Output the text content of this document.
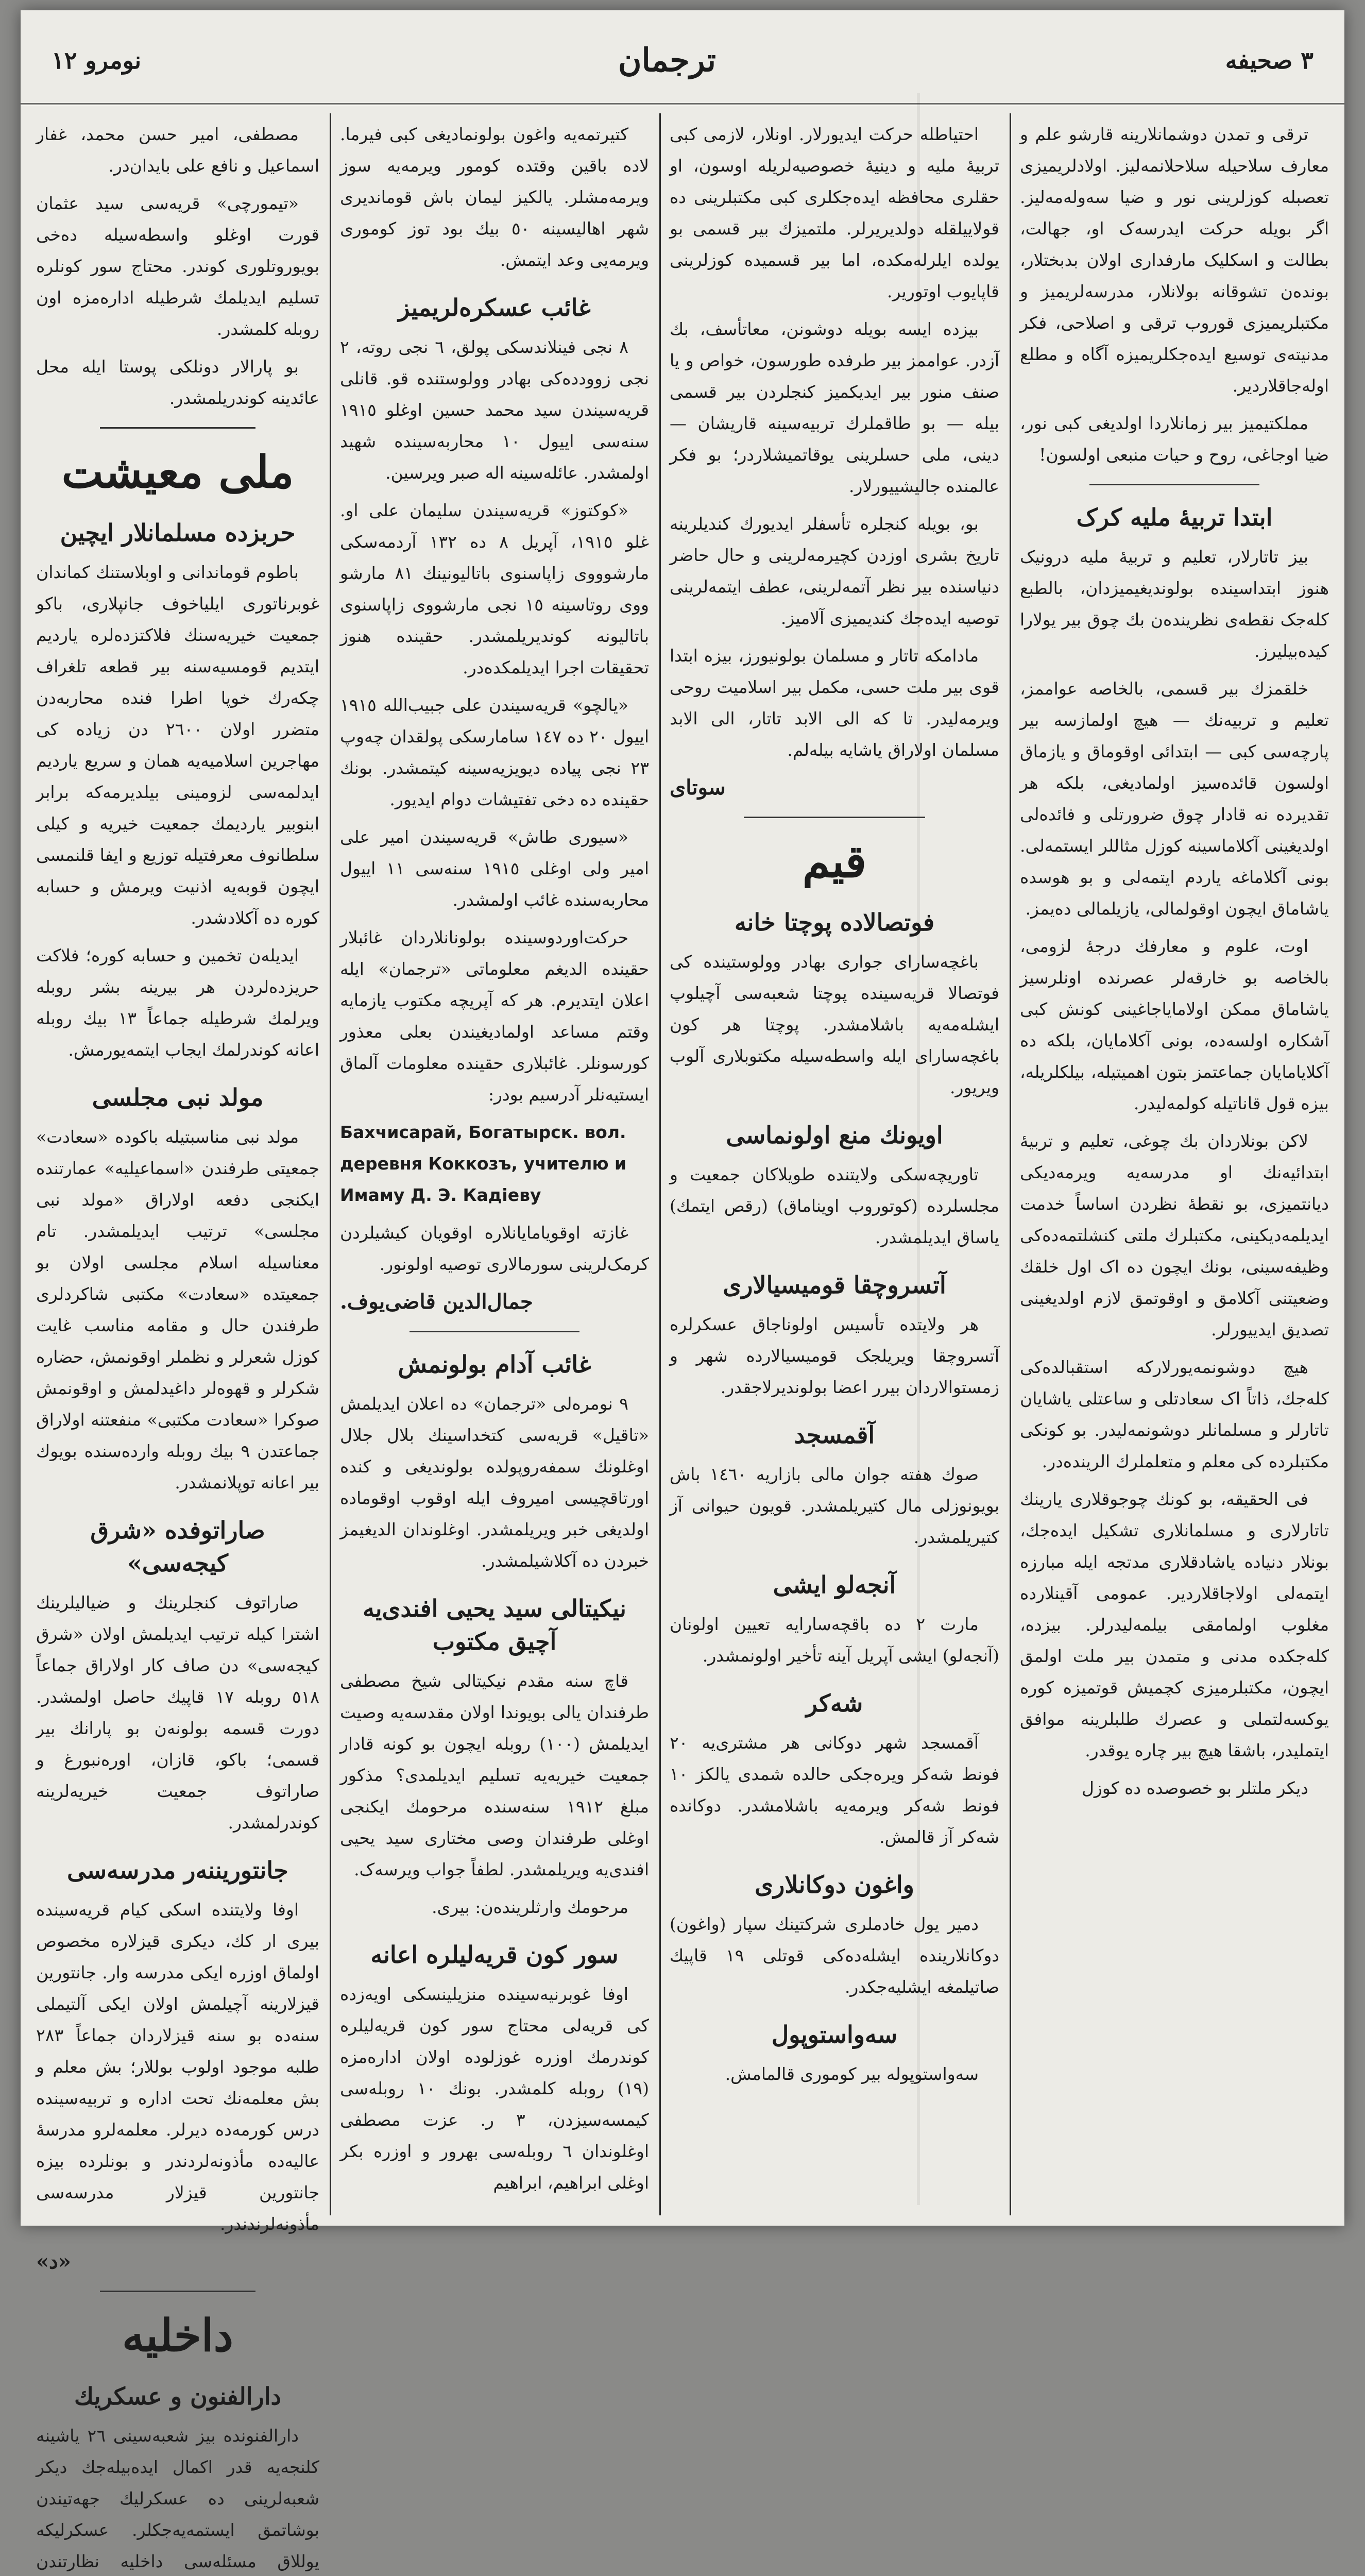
نومرو ١٢	ترجمان	٣ صحيفه

ترقی و تمدن دوشمانلارینه قارشو علم و معارف سلاحیله سلاحلانمه‌لیز. اولادلریمیزی تعصبله کوزلرینی نور و ضیا سه‌وله‌مه‌لیز. اگر بویله حرکت ایدرسه‌ک او، جهالت، بطالت و اسکلیک مارفداری اولان بدبختلار، بونده‌ن تشوقانه بولانلار، مدرسه‌لریمیز و مکتبلریمیزی قوروب ترقی و اصلاحی، فکر مدنیته‌ی توسیع ایده‌جکلریمیزه آگاه و مطلع اوله‌جاقلاردیر.

مملکتیمیز بیر زمانلاردا اولدیغی کبی نور، ضیا اوجاغی، روح و حیات منبعی اولسون!

ابتدا تربیهٔ ملیه کرک

بیز تاتارلار، تعلیم و تربیهٔ ملیه درونیک هنوز ابتداسینده بولوندیغیمیزدان، بالطبع کله‌جک نقطه‌ی نظرینده‌ن بك چوق بیر یولارا کیده‌بیلیرز.

خلقمزك بیر قسمی، بالخاصه عواممز، تعلیم و تربیه‌نك — هیچ اولمازسه بیر پارچه‌سی کبی — ابتدائی اوقوماق و یازماق اولسون قائده‌سیز اولمادیغی، بلکه هر تقدیرده نه قادار چوق ضرورتلی و فائده‌لی اولدیغینی آکلاماسینه کوزل مثاللر ایستمه‌لی. بونی آکلاماغه یاردم ایتمه‌لی و بو هوسده یاشاماق ایچون اوقولمالی، یازیلمالی ده‌یمز.

اوت، علوم و معارفك درجهٔ لزومی، بالخاصه بو خارقه‌لر عصرنده اونلرسیز یاشاماق ممکن اولامایاجاغینی کونش کبی آشکاره اولسه‌ده، بونی آکلامایان، بلکه ده آکلایامایان جماعتمز بتون اهمیتیله، بیلکلریله، بیزه قول قاناتیله کولمه‌لیدر.

لاکن بونلاردان بك چوغی، تعلیم و تربیهٔ ابتدائیه‌نك او مدرسه‌یه ویرمه‌دیکی دیانتمیزی، بو نقطهٔ نظردن اساساً خدمت ایدیلمه‌دیکینی، مکتبلرك ملتی کنشلتمه‌ده‌کی وظیفه‌سینی، بونك ایچون ده اک اول خلقك وضعیتنی آکلامق و اوقوتمق لازم اولدیغینی تصدیق ایدییورلر.

هیچ دوشونمه‌یورلارکه استقبالده‌کی کله‌جك، ذاتاً اک سعادتلی و ساعتلی یاشایان تاتارلر و مسلمانلر دوشونمه‌لیدر. بو کونکی مکتبلرده کی معلم و متعلملرك الرینده‌در.

فی الحقیقه، بو کونك چوجوقلاری یارینك تاتارلاری و مسلمانلاری تشکیل ایده‌جك، بونلار دنیاده یاشادقلاری مدتجه ایله مبارزه ایتمه‌لی اولاجاقلاردیر. عمومی آقینلارده مغلوب اولمامقی بیلمه‌لیدرلر. بیزده، کله‌جکده مدنی و متمدن بیر ملت اولمق ایچون، مکتبلرمیزی کچمیش قوتمیزه کوره یوکسه‌لتملی و عصرك طلبلرینه موافق ایتملیدر، باشقا هیچ بیر چاره یوقدر.

دیکر ملتلر بو خصوصده ده کوزل

احتیاطله حرکت ایدیورلار. اونلار، لازمی کبی تربیهٔ ملیه و دینیهٔ خصوصیه‌لریله اوسون، او حقلری محافظه ایده‌جکلری کبی مکتبلرینی ده قولاییلقله دولدیریرلر. ملتمیزك بیر قسمی بو یولده ایلرله‌مکده، اما بیر قسمیده کوزلرینی قاپایوب اوتوریر.

بیزده ایسه بویله دوشونن، معاتأسف، بك آزدر. عواممز بیر طرفده طورسون، خواص و یا صنف منور بیر ایدیکمیز کنجلردن بیر قسمی بیله — بو طاقملرك تربیه‌سینه قاریشان — دینی، ملی حسلرینی یوقاتمیشلاردر؛ بو فکر عالمنده جالیشییورلار.

بو، بویله کنجلره تأسفلر ایدیورك کندیلرینه تاریخ بشری اوزدن کچیرمه‌لرینی و حال حاضر دنیاسنده بیر نظر آتمه‌لرینی، عطف ایتمه‌لرینی توصیه ایده‌جك کندیمیزی آلامیز.

مادامکه تاتار و مسلمان بولونیورز، بیزه ابتدا قوی بیر ملت حسی، مکمل بیر اسلامیت روحی ویرمه‌لیدر. تا که الی الابد تاتار، الی الابد مسلمان اولاراق یاشایه بیله‌لم.

سوتای
قیم
فوتصالاده پوچتا خانه

باغچه‌سارای جواری بهادر وولوستینده کی فوتصالا قریه‌سینده پوچتا شعبه‌سی آچیلوپ ایشله‌مه‌یه باشلامشدر. پوچتا هر کون باغچه‌سارای ایله واسطه‌سیله مکتوبلاری آلوب ویریور.

اویونك منع اولونماسی

تاوریچه‌سکی ولایتنده طویلاکان جمعیت و مجلسلرده (کوتوروب اویناماق) (رقص ایتمك) یاساق ایدیلمشدر.

آتسروچقا قومیسیالاری

هر ولایتده تأسیس اولوناجاق عسکرلره آتسروچقا ویریلجک قومیسیالارده شهر و زمستوالاردان بیرر اعضا بولوندیرلاجقدر.

آقمسجد

صوك هفته جوان مالی بازاریه ١٤٦٠ باش بویونوزلی مال کتیریلمشدر. قویون حیوانی آز کتیریلمشدر.

آنجه‌لو ایشی

مارت ٢ ده باقچه‌سارایه تعیین اولونان (آنجه‌لو) ایشی آپریل آینه تأخیر اولونمشدر.

شه‌کر

آقمسجد شهر دوکانی هر مشتری‌یه ٢٠ فونط شه‌کر ویره‌جکی حالده شمدی یالکز ١٠ فونط شه‌کر ویرمه‌یه باشلامشدر. دوکانده شه‌کر آز قالمش.

واغون دوکانلاری

دمیر یول خادملری شرکتینك سپار (واغون) دوکانلارینده ایشله‌ده‌کی قوتلی ١٩ قاپیك صاتیلمغه ایشلیه‌جکدر.

سه‌واستوپول

سه‌واستوپوله بیر کوموری قالمامش.

کتیرتمه‌یه واغون بولونمادیغی کبی فیرما. لاده باقین وقتده کومور ویرمه‌یه سوز ویرمه‌مشلر. یالکیز لیمان باش قوماندیری شهر اهالیسینه ٥٠ بیك بود توز کوموری ویرمه‌یی وعد ایتمش.

غائب عسکره‌لریمیز

٨ نجی فینلاندسکی پولق، ٦ نجی روته، ٢ نجی زوودده‌کی بهادر وولوستنده قو. قانلی قریه‌سیندن سید محمد حسین اوغلو ١٩١٥ سنه‌سی اییول ١٠ محاربه‌سینده شهید اولمشدر. عائله‌سینه اله صبر ویرسین.

«کوکتوز» قریه‌سیندن سلیمان علی او. غلو ١٩١٥، آپریل ٨ ده ١٣٢ آردمه‌سکی مارشوووی زاپاسنوی باتالیونینك ٨١ مارشو ووی روتاسینه ١٥ نجی مارشووی زاپاسنوی باتالیونه کوندیریلمشدر. حقینده هنوز تحقیقات اجرا ایدیلمکده‌در.

«یالچو» قریه‌سیندن علی جبیب‌الله ١٩١٥ اییول ٢٠ ده ١٤٧ سامارسکی پولقدان چه‌وپ ٢٣ نجی پیاده دیویزیه‌سینه کیتمشدر. بونك حقینده ده دخی تفتیشات دوام ایدیور.

«سیوری طاش» قریه‌سیندن امیر علی امیر ولی اوغلی ١٩١٥ سنه‌سی ١١ اییول محاربه‌سنده غائب اولمشدر.

حرکت‌اوردوسینده بولونانلاردان غائبلار حقینده الدیغم معلوماتی «ترجمان» ایله اعلان ایتدیرم. هر که آپریچه مکتوب یازمایه وقتم مساعد اولمادیغیندن بعلی معذور کورسونلر. غائبلاری حقینده معلومات آلماق ایستیه‌نلر آدرسیم بودر:

Бахчисарай, Богатырск. вол. деревня Коккозъ, учителю и Имаму Д. Э. Кадіеву

غازته اوقویامایانلاره اوقویان کیشیلردن کرمک‌لرینی سورمالاری توصیه اولونور.

جمال‌الدین قاضی‌یوف.
غائب آدام بولونمش

٩ نومره‌لی «ترجمان» ده اعلان ایدیلمش «تاقیل» قریه‌سی کتخداسینك بلال جلال اوغلونك سمفه‌روپولده بولوندیغی و کنده اورتاقچیسی امیروف ایله اوقوب اوقوماده اولدیغی خبر ویریلمشدر. اوغلوندان الدیغیمز خبردن ده آکلاشیلمشدر.

نیکیتالی سید یحیی افندی‌یه آچیق مکتوب

قاچ سنه مقدم نیکیتالی شیخ مصطفی طرفندان یالی بویوندا اولان مقدسه‌یه وصیت ایدیلمش (١٠٠) روبله ایچون بو کونه قادار جمعیت خیریه‌یه تسلیم ایدیلمدی؟ مذکور مبلغ ١٩١٢ سنه‌سنده مرحومك ایکنجی اوغلی طرفندان وصی مختاری سید یحیی افندی‌یه ویریلمشدر. لطفاً جواب ویرسه‌ک.

مرحومك وارثلرینده‌ن: بیری.

سور کون قریه‌لیلره اعانه

اوفا غوبرنیه‌سینده منزیلینسکی اویه‌زده کی قریه‌لی محتاج سور کون قریه‌لیلره کوندرمك اوزره غوزلوده اولان اداره‌مزه (١٩) روبله کلمشدر. بونك ١٠ روبله‌سی کیمسه‌سیزدن، ٣ ر. عزت مصطفی اوغلوندان ٦ روبله‌سی بهرور و اوزره بکر اوغلی ابراهیم، ابراهیم

مصطفی، امیر حسن محمد، غفار اسماعیل و نافع علی بایدان‌در.

«تیمورچی» قریه‌سی سید عثمان قورت اوغلو واسطه‌سیله ده‌خی بویوروتلوری کوندر. محتاج سور کونلره تسلیم ایدیلمك شرطیله اداره‌مزه اون روبله کلمشدر.

بو پارالار دونلکی پوستا ایله محل عائدینه کوندریلمشدر.

ملی معیشت
حربزده مسلمانلار ایچین

باطوم قوماندانی و اوبلاستنك کماندان غوبرناتوری ایلیاخوف جانپلاری، باکو جمعیت خیریه‌سنك فلاکتزده‌لره یاردیم ایتدیم قومسیه‌سنه بیر قطعه تلغراف چکه‌رك خوپا اطرا فنده محاربه‌دن متضرر اولان ٢٦٠٠ دن زیاده کی مهاجرین اسلامیه‌یه همان و سریع یاردیم ایدلمه‌سی لزومینی بیلدیرمه‌که برابر ابنوبیر یاردیمك جمعیت خیریه و کیلی سلطانوف معرفتیله توزیع و ایفا قلنمسی ایچون قوبه‌یه اذنیت ویرمش و حسابه کوره ده آکلادشدر.

ایدیله‌ن تخمین و حسابه کوره؛ فلاکت حریزده‌لردن هر بیرینه بشر روبله ویرلمك شرطیله جماعاً ١٣ بیك روبله اعانه کوندرلمك ایجاب ایتمه‌یورمش.

مولد نبی مجلسی

مولد نبی مناسبتیله باکوده «سعادت» جمعیتی طرفندن «اسماعیلیه» عمارتنده ایکنجی دفعه اولاراق «مولد نبی مجلسی» ترتیب ایدیلمشدر. تام معناسیله اسلام مجلسی اولان بو جمعیتده «سعادت» مکتبی شاکردلری طرفندن حال و مقامه مناسب غایت کوزل شعرلر و نظملر اوقونمش، حضاره شکرلر و قهوه‌لر داغیدلمش و اوقونمش صوکرا «سعادت مکتبی» منفعتنه اولاراق جماعتدن ٩ بیك روبله وارده‌سنده بویوك بیر اعانه توپلانمشدر.

صاراتوفده «شرق کیجه‌سی»

صاراتوف کنجلرینك و ضیالیلرینك اشترا کیله ترتیب ایدیلمش اولان «شرق کیجه‌سی» دن صاف کار اولاراق جماعاً ٥١٨ روبله ١٧ قاپیك حاصل اولمشدر. دورت قسمه بولونه‌ن بو پارانك بیر قسمی؛ باکو، قازان، اوره‌نبورغ و صاراتوف جمعیت خیریه‌لرینه کوندرلمشدر.

جانتوریننه‌ر مدرسه‌سی

اوفا ولایتنده اسکی کیام قریه‌سینده بیری ار کك، دیکری قیزلاره مخصوص اولماق اوزره ایکی مدرسه وار. جانتورین قیزلارینه آچیلمش اولان ایکی آلتیملی سنه‌ده بو سنه قیزلاردان جماعاً ٢٨٣ طلبه موجود اولوب بوللار؛ بش معلم و بش معلمه‌نك تحت اداره و تربیه‌سینده درس کورمه‌ده دیرلر. معلمه‌لرو مدرسهٔ عالیه‌ده مأذونه‌لردندر و بونلرده بیزه جانتورین قیزلار مدرسه‌سی مأذونه‌لرندندر.

«د»
داخلیه
دارالفنون و عسکریك

دارالفنونده بیز شعبه‌سینی ٢٦ یاشینه کلنجه‌یه قدر اکمال ایده‌بیله‌جك دیکر شعبه‌لرینی ده عسکرلیك جهه‌تیندن بوشاتمق ایستمه‌یه‌جکلر. عسکرلیکه یوللاق مسئله‌سی داخلیه نظارتندن
